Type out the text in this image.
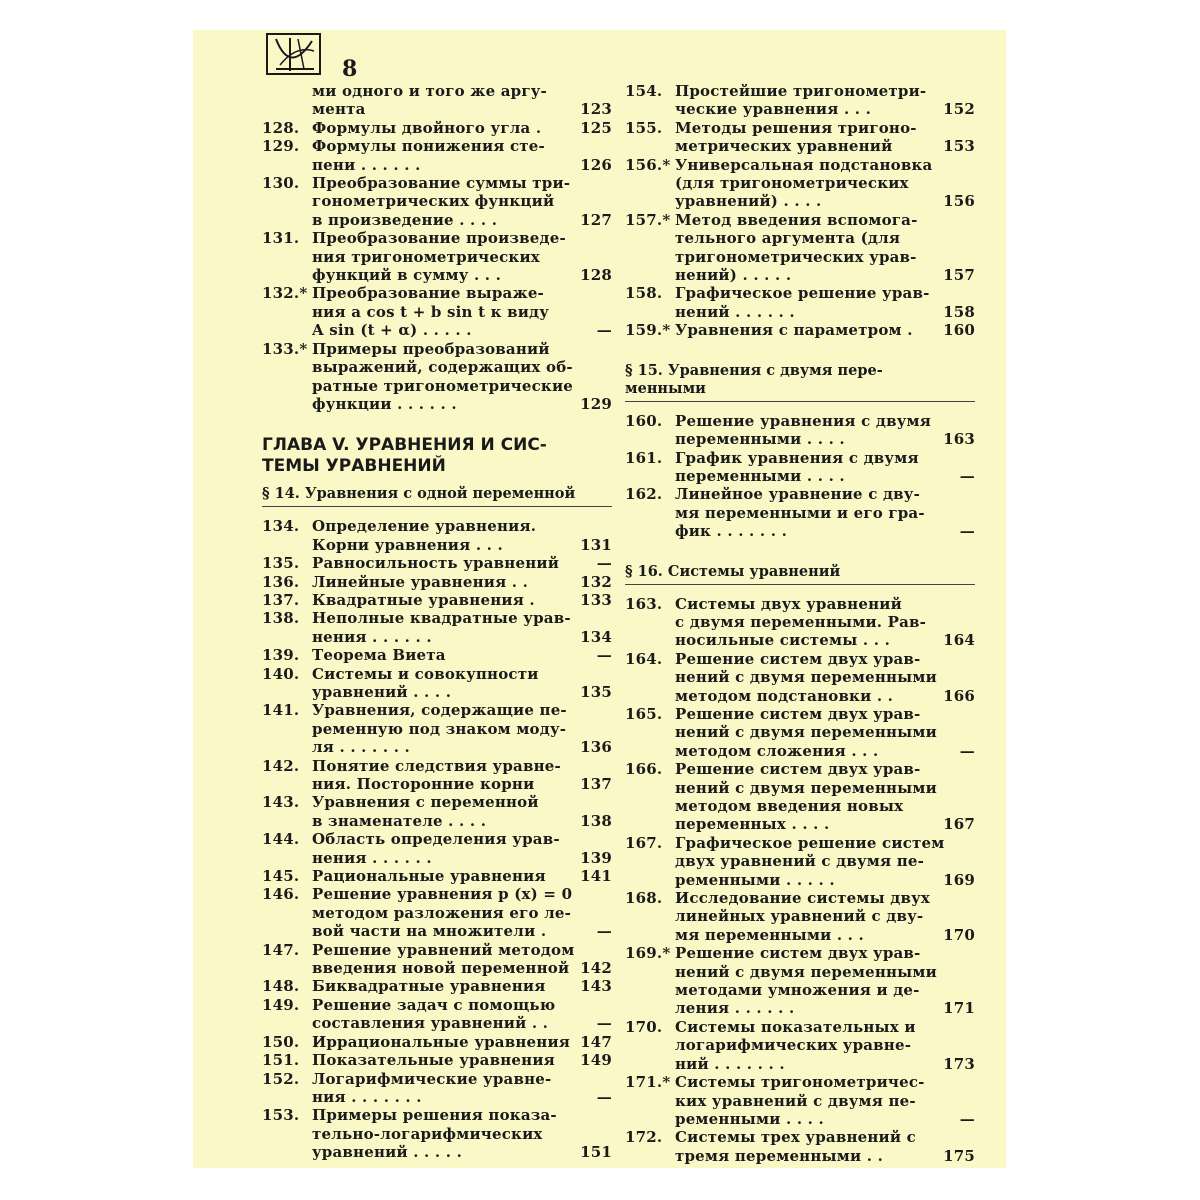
8
ми одного и того же аргу-
мента	123
128. Формулы двойного угла .	125
129. Формулы понижения сте-
пени . . . . . .	126
130. Преобразование суммы три-
гонометрических функций
в произведение . . . .	127
131. Преобразование произведе-
ния тригонометрических
функций в сумму . . .	128
132.* Преобразование выраже-
ния a cos t + b sin t к виду
A sin (t + α) . . . . .	—
133.* Примеры преобразований
выражений, содержащих об-
ратные тригонометрические
функции . . . . . .	129
ГЛАВА V. УРАВНЕНИЯ И СИС-
ТЕМЫ УРАВНЕНИЙ
§ 14. Уравнения с одной переменной
134. Определение уравнения.
Корни уравнения . . .	131
135. Равносильность уравнений	—
136. Линейные уравнения . .	132
137. Квадратные уравнения .	133
138. Неполные квадратные урав-
нения . . . . . .	134
139. Теорема Виета	—
140. Системы и совокупности
уравнений . . . .	135
141. Уравнения, содержащие пе-
ременную под знаком моду-
ля . . . . . . .	136
142. Понятие следствия уравне-
ния. Посторонние корни	137
143. Уравнения с переменной
в знаменателе . . . .	138
144. Область определения урав-
нения . . . . . .	139
145. Рациональные уравнения 141
146. Решение уравнения p (x) = 0
методом разложения его ле-
вой части на множители .	—
147. Решение уравнений методом
введения новой переменной 142
148. Биквадратные уравнения 143
149. Решение задач с помощью
составления уравнений . .	—
150. Иррациональные уравнения 147
151. Показательные уравнения 149
152. Логарифмические уравне-
ния . . . . . . .	—
153. Примеры решения показа-
тельно-логарифмических
уравнений . . . . .	151
154. Простейшие тригонометри-
ческие уравнения . . .	152
155. Методы решения тригоно-
метрических уравнений	153
156.* Универсальная подстановка
(для тригонометрических
уравнений) . . . .	156
157.* Метод введения вспомога-
тельного аргумента (для
тригонометрических урав-
нений) . . . . .	157
158. Графическое решение урав-
нений . . . . . .	158
159.* Уравнения с параметром . 160
§ 15. Уравнения с двумя пере-
менными
160. Решение уравнения с двумя
переменными . . . .	163
161. График уравнения с двумя
переменными . . . .	—
162. Линейное уравнение с дву-
мя переменными и его гра-
фик . . . . . . .	—
§ 16. Системы уравнений
163. Системы двух уравнений
с двумя переменными. Рав-
носильные системы . . .	164
164. Решение систем двух урав-
нений с двумя переменными
методом подстановки . .	166
165. Решение систем двух урав-
нений с двумя переменными
методом сложения . . .	—
166. Решение систем двух урав-
нений с двумя переменными
методом введения новых
переменных . . . .	167
167. Графическое решение систем
двух уравнений с двумя пе-
ременными . . . . .	169
168. Исследование системы двух
линейных уравнений с дву-
мя переменными . . .	170
169.* Решение систем двух урав-
нений с двумя переменными
методами умножения и де-
ления . . . . . .	171
170. Системы показательных и
логарифмических уравне-
ний . . . . . . .	173
171.* Системы тригонометричес-
ких уравнений с двумя пе-
ременными . . . .	—
172. Системы трех уравнений с
тремя переменными . .	175
